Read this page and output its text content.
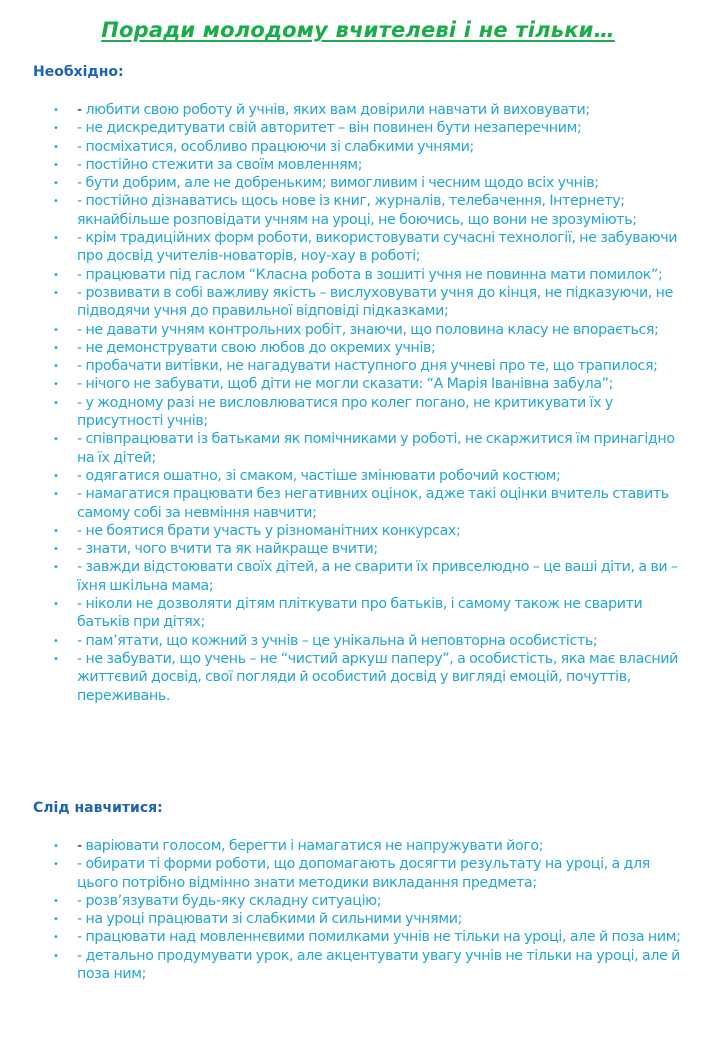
Поради молодому вчителеві і не тільки…
Необхідно:
• - любити свою роботу й учнів, яких вам довірили навчати й виховувати;
• - не дискредитувати свій авторитет – він повинен бути незаперечним;
• - посміхатися, особливо працюючи зі слабкими учнями;
• - постійно стежити за своїм мовленням;
• - бути добрим, але не добреньким; вимогливим і чесним щодо всіх учнів;
• - постійно дізнаватись щось нове із книг, журналів, телебачення, Інтернету; якнайбільше розповідати учням на уроці, не боючись, що вони не зрозуміють;
• - крім традиційних форм роботи, використовувати сучасні технології, не забуваючи про досвід учителів-новаторів, ноу-хау в роботі;
• - працювати під гаслом “Класна робота в зошиті учня не повинна мати помилок”;
• - розвивати в собі важливу якість – вислуховувати учня до кінця, не підказуючи, не підводячи учня до правильної відповіді підказками;
• - не давати учням контрольних робіт, знаючи, що половина класу не впорається;
• - не демонструвати свою любов до окремих учнів;
• - пробачати витівки, не нагадувати наступного дня учневі про те, що трапилося;
• - нічого не забувати, щоб діти не могли сказати: “А Марія Іванівна забула”;
• - у жодному разі не висловлюватися про колег погано, не критикувати їх у присутності учнів;
• - співпрацювати із батьками як помічниками у роботі, не скаржитися їм принагідно на їх дітей;
• - одягатися ошатно, зі смаком, частіше змінювати робочий костюм;
• - намагатися працювати без негативних оцінок, адже такі оцінки вчитель ставить самому собі за невміння навчити;
• - не боятися брати участь у різноманітних конкурсах;
• - знати, чого вчити та як найкраще вчити;
• - завжди відстоювати своїх дітей, а не сварити їх привселюдно – це ваші діти, а ви – їхня шкільна мама;
• - ніколи не дозволяти дітям пліткувати про батьків, і самому також не сварити батьків при дітях;
• - пам’ятати, що кожний з учнів – це унікальна й неповторна особистість;
• - не забувати, що учень – не “чистий аркуш паперу”, а особистість, яка має власний життєвий досвід, свої погляди й особистий досвід у вигляді емоцій, почуттів, переживань.
Слід навчитися:
• - варіювати голосом, берегти і намагатися не напружувати його;
• - обирати ті форми роботи, що допомагають досягти результату на уроці, а для цього потрібно відмінно знати методики викладання предмета;
• - розв’язувати будь-яку складну ситуацію;
• - на уроці працювати зі слабкими й сильними учнями;
• - працювати над мовленнєвими помилками учнів не тільки на уроці, але й поза ним;
• - детально продумувати урок, але акцентувати увагу учнів не тільки на уроці, але й поза ним;
